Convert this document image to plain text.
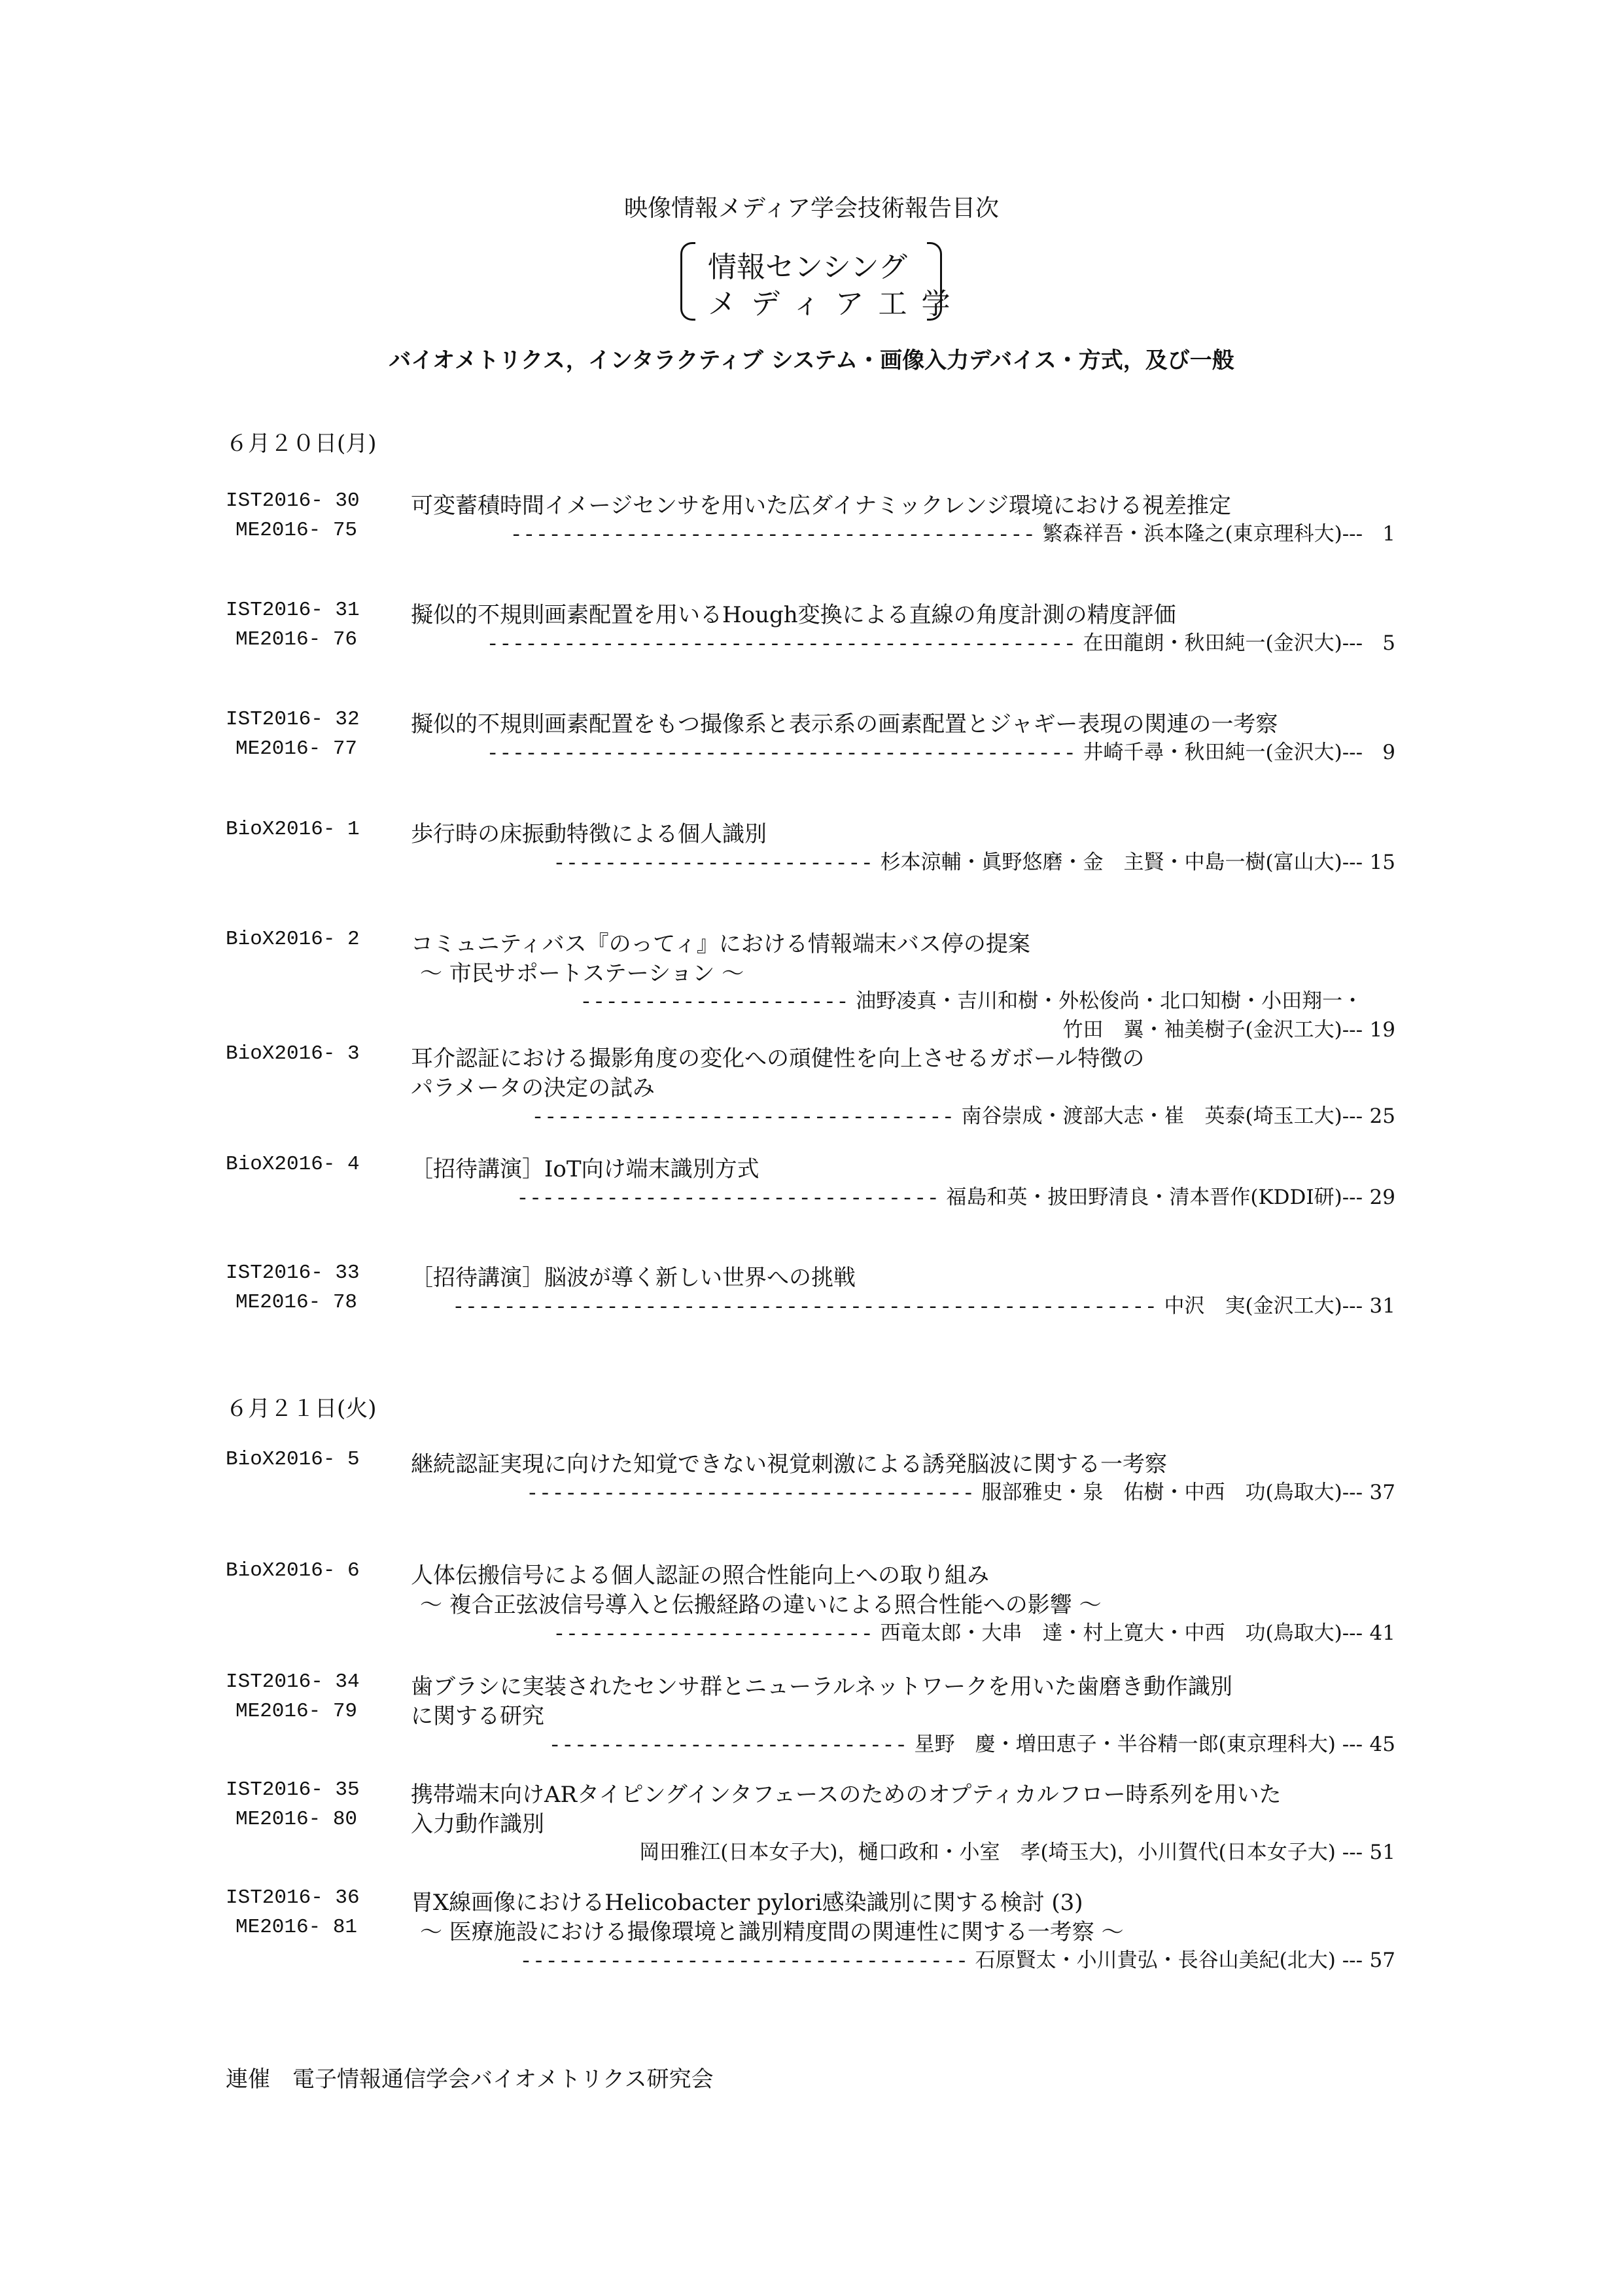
映像情報メディア学会技術報告目次
情報センシング
メディア工学
バイオメトリクス，インタラクティブ システム・画像入力デバイス・方式，及び一般
６月２０日(月)
IST2016- 30
ME2016- 75
可変蓄積時間イメージセンサを用いた広ダイナミックレンジ環境における視差推定
----------------------------------------- 繁森祥吾・浜本隆之(東京理科大)--- 1
IST2016- 31
ME2016- 76
擬似的不規則画素配置を用いるHough変換による直線の角度計測の精度評価
---------------------------------------------- 在田龍朗・秋田純一(金沢大)--- 5
IST2016- 32
ME2016- 77
擬似的不規則画素配置をもつ撮像系と表示系の画素配置とジャギー表現の関連の一考察
---------------------------------------------- 井崎千尋・秋田純一(金沢大)--- 9
BioX2016- 1 歩行時の床振動特徴による個人識別
------------------------- 杉本涼輔・眞野悠磨・金　主賢・中島一樹(富山大)--- 15
BioX2016- 2 コミュニティバス『のってィ』における情報端末バス停の提案
～ 市民サポートステーション ～
--------------------- 油野凌真・吉川和樹・外松俊尚・北口知樹・小田翔一・
竹田　翼・袖美樹子(金沢工大)--- 19
BioX2016- 3 耳介認証における撮影角度の変化への頑健性を向上させるガボール特徴の
パラメータの決定の試み
--------------------------------- 南谷崇成・渡部大志・崔　英泰(埼玉工大)--- 25
BioX2016- 4 ［招待講演］IoT向け端末識別方式
--------------------------------- 福島和英・披田野清良・清本晋作(KDDI研)--- 29
IST2016- 33
ME2016- 78
［招待講演］脳波が導く新しい世界への挑戦
------------------------------------------------------- 中沢　実(金沢工大)--- 31
６月２１日(火)
BioX2016- 5 継続認証実現に向けた知覚できない視覚刺激による誘発脳波に関する一考察
----------------------------------- 服部雅史・泉　佑樹・中西　功(鳥取大)--- 37
BioX2016- 6 人体伝搬信号による個人認証の照合性能向上への取り組み
～ 複合正弦波信号導入と伝搬経路の違いによる照合性能への影響 ～
------------------------- 西竜太郎・大串　達・村上寛大・中西　功(鳥取大)--- 41
IST2016- 34
ME2016- 79
歯ブラシに実装されたセンサ群とニューラルネットワークを用いた歯磨き動作識別
に関する研究
---------------------------- 星野　慶・増田恵子・半谷精一郎(東京理科大) --- 45
IST2016- 35
ME2016- 80
携帯端末向けARタイピングインタフェースのためのオプティカルフロー時系列を用いた
入力動作識別
岡田雅江(日本女子大)，樋口政和・小室　孝(埼玉大)，小川賀代(日本女子大) --- 51
IST2016- 36
ME2016- 81
胃X線画像におけるHelicobacter pylori感染識別に関する検討 (3)
～ 医療施設における撮像環境と識別精度間の関連性に関する一考察 ～
----------------------------------- 石原賢太・小川貴弘・長谷山美紀(北大) --- 57
連催　電子情報通信学会バイオメトリクス研究会
